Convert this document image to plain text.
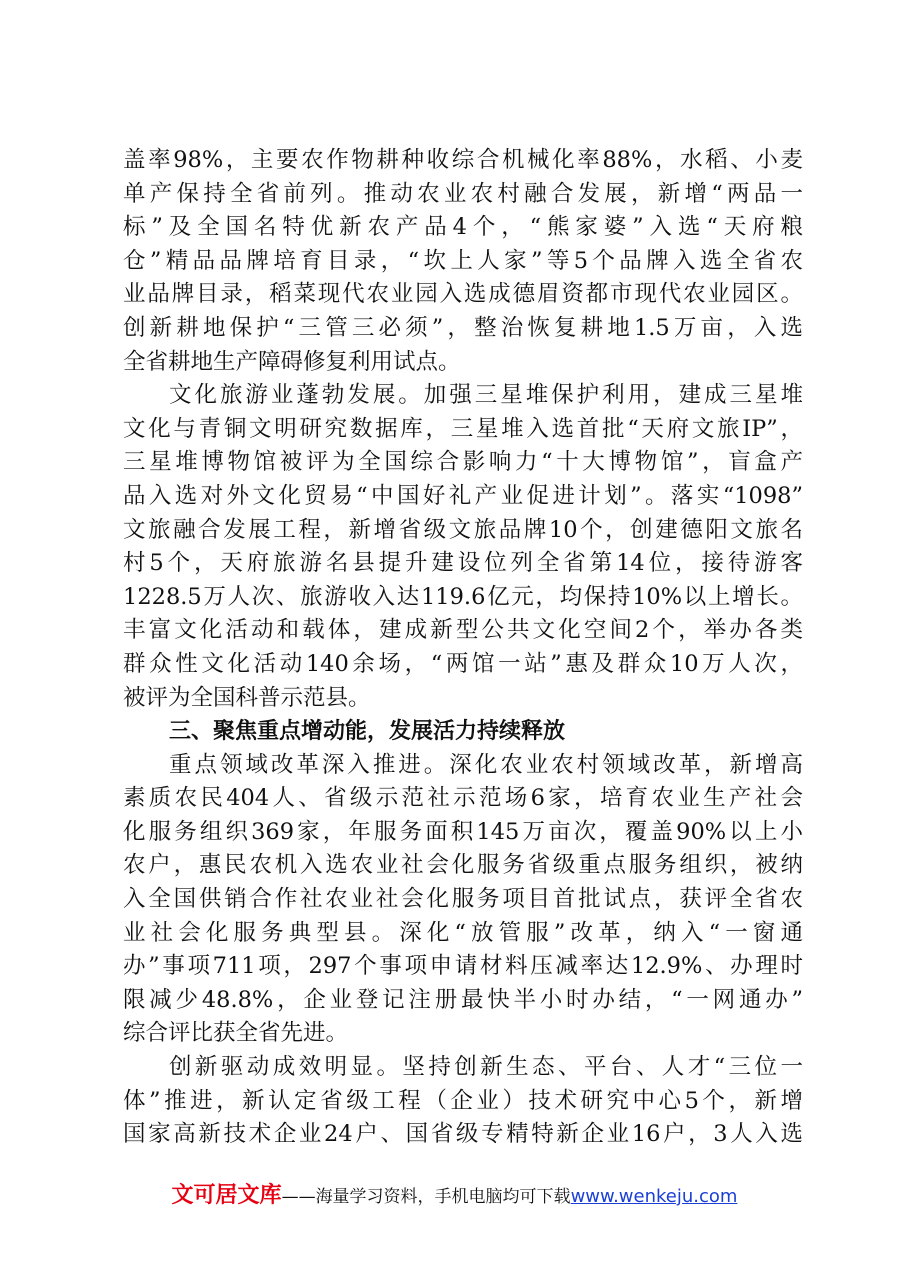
盖率98%，主要农作物耕种收综合机械化率88%，水稻、小麦
单产保持全省前列。推动农业农村融合发展，新增“两品一
标”及全国名特优新农产品4个，“熊家婆”入选“天府粮
仓”精品品牌培育目录，“坎上人家”等5个品牌入选全省农
业品牌目录，稻菜现代农业园入选成德眉资都市现代农业园区。
创新耕地保护“三管三必须”，整治恢复耕地1.5万亩，入选
全省耕地生产障碍修复利用试点。
文化旅游业蓬勃发展。加强三星堆保护利用，建成三星堆
文化与青铜文明研究数据库，三星堆入选首批“天府文旅IP”，
三星堆博物馆被评为全国综合影响力“十大博物馆”，盲盒产
品入选对外文化贸易“中国好礼产业促进计划”。落实“1098”
文旅融合发展工程，新增省级文旅品牌10个，创建德阳文旅名
村5个，天府旅游名县提升建设位列全省第14位，接待游客
1228.5万人次、旅游收入达119.6亿元，均保持10%以上增长。
丰富文化活动和载体，建成新型公共文化空间2个，举办各类
群众性文化活动140余场，“两馆一站”惠及群众10万人次，
被评为全国科普示范县。
三、聚焦重点增动能，发展活力持续释放
重点领域改革深入推进。深化农业农村领域改革，新增高
素质农民404人、省级示范社示范场6家，培育农业生产社会
化服务组织369家，年服务面积145万亩次，覆盖90%以上小
农户，惠民农机入选农业社会化服务省级重点服务组织，被纳
入全国供销合作社农业社会化服务项目首批试点，获评全省农
业社会化服务典型县。深化“放管服”改革，纳入“一窗通
办”事项711项，297个事项申请材料压减率达12.9%、办理时
限减少48.8%，企业登记注册最快半小时办结，“一网通办”
综合评比获全省先进。
创新驱动成效明显。坚持创新生态、平台、人才“三位一
体”推进，新认定省级工程（企业）技术研究中心5个，新增
国家高新技术企业24户、国省级专精特新企业16户，3人入选
文可居文库——海量学习资料，手机电脑均可下载www.wenkeju.com
